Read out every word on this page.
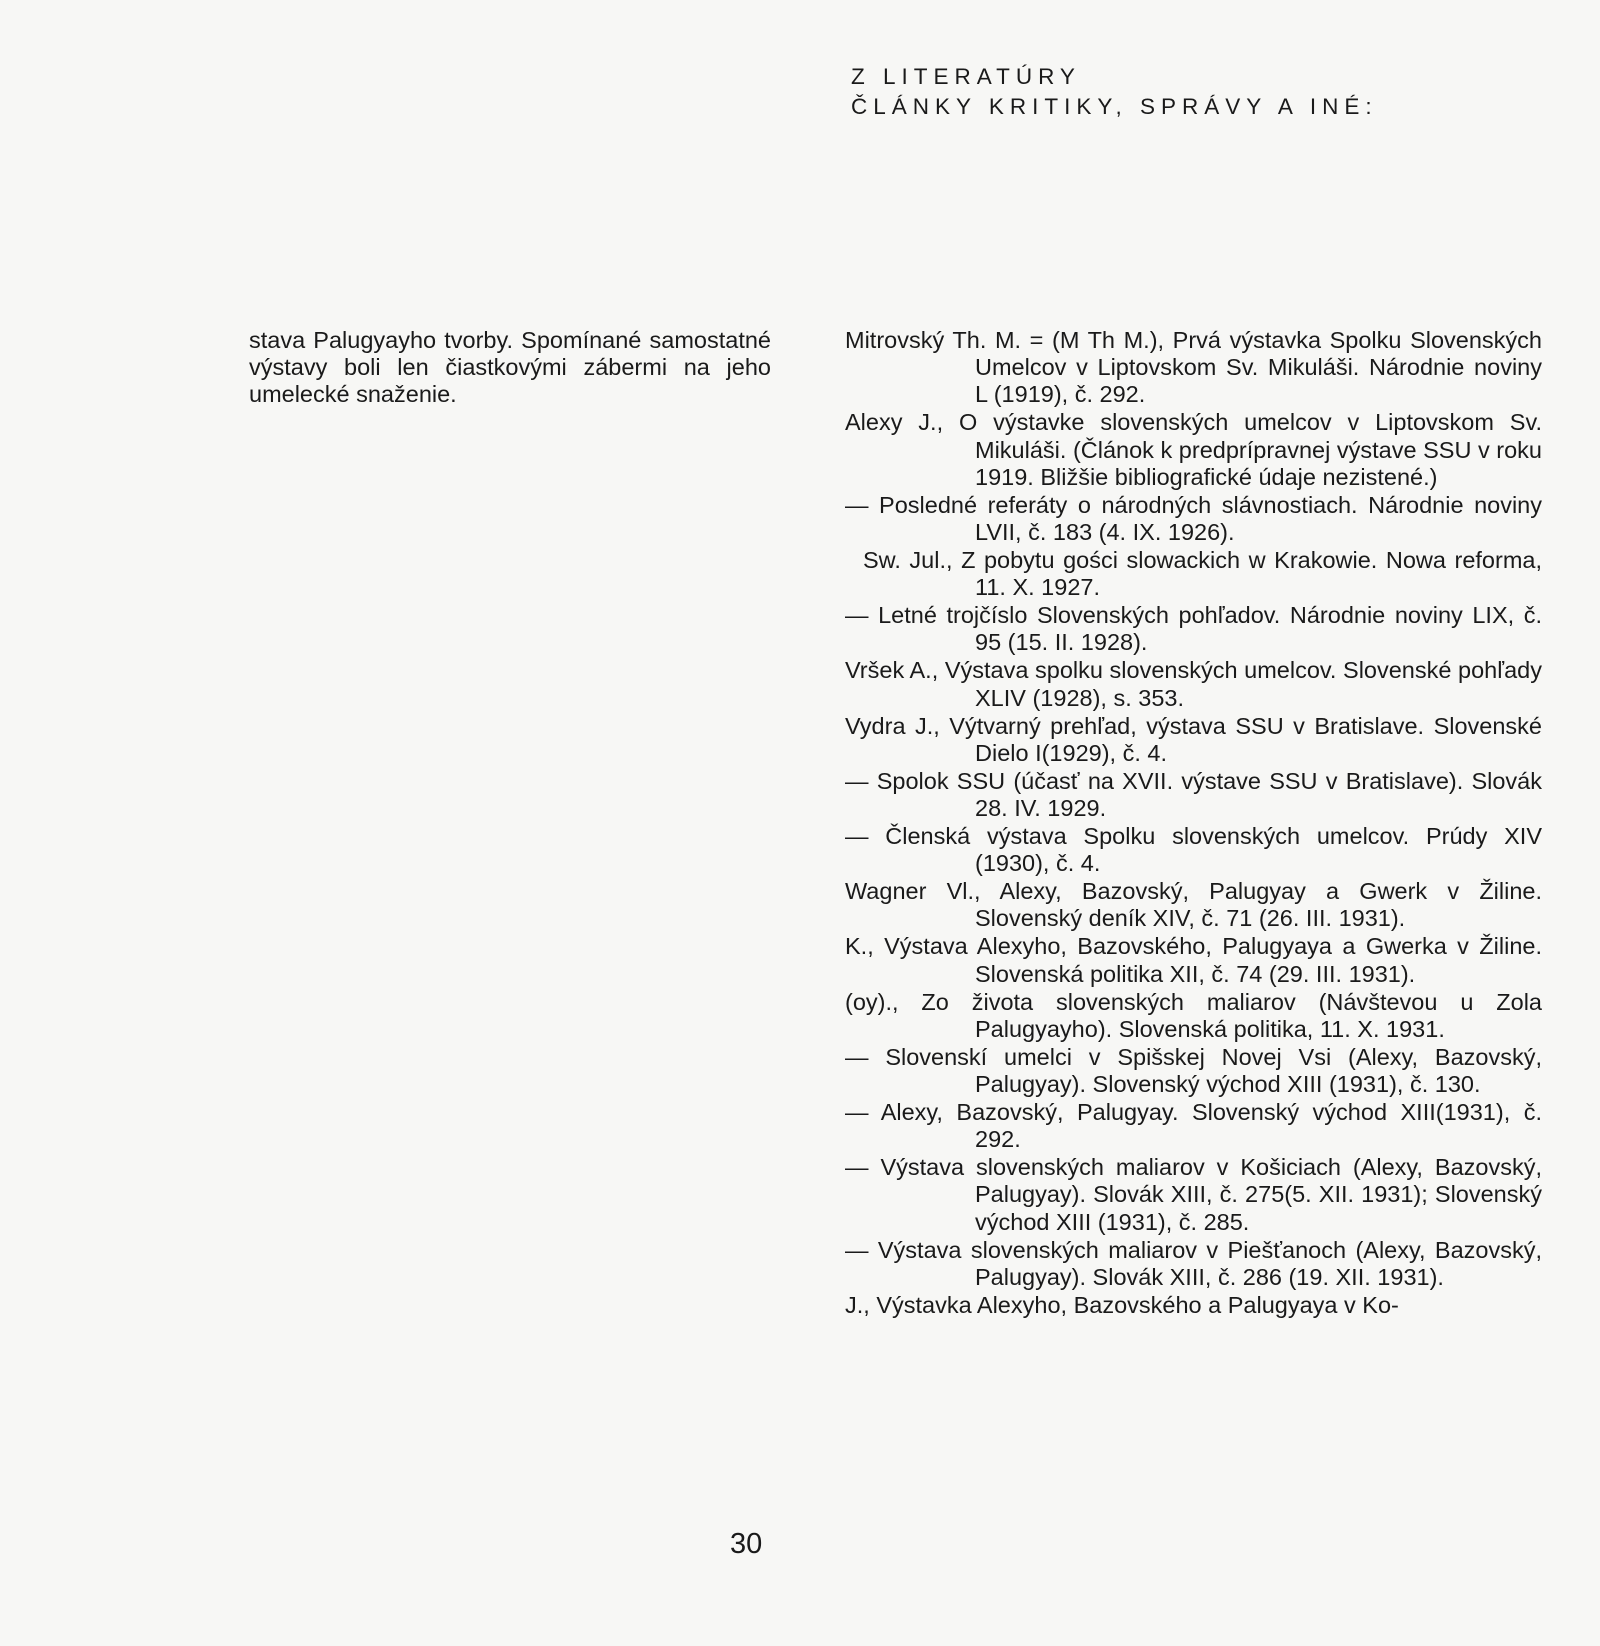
Z LITERATÚRY
ČLÁNKY KRITIKY, SPRÁVY A INÉ:

stava Palugyayho tvorby. Spomínané samostatné výstavy boli len čiastkovými zábermi na jeho umelecké snaženie.

Mitrovský Th. M. = (M Th M.), Prvá výstavka Spolku Slovenských Umelcov v Liptovskom Sv. Mikuláši. Národnie noviny L (1919), č. 292.

Alexy J., O výstavke slovenských umelcov v Liptovskom Sv. Mikuláši. (Článok k predprípravnej výstave SSU v roku 1919. Bližšie bibliografické údaje nezistené.)

— Posledné referáty o národných slávnostiach. Národnie noviny LVII, č. 183 (4. IX. 1926).

Sw. Jul., Z pobytu gości slowackich w Krakowie. Nowa reforma, 11. X. 1927.

— Letné trojčíslo Slovenských pohľadov. Národnie noviny LIX, č. 95 (15. II. 1928).

Vršek A., Výstava spolku slovenských umelcov. Slovenské pohľady XLIV (1928), s. 353.

Vydra J., Výtvarný prehľad, výstava SSU v Bratislave. Slovenské Dielo I(1929), č. 4.

— Spolok SSU (účasť na XVII. výstave SSU v Bratislave). Slovák 28. IV. 1929.

— Členská výstava Spolku slovenských umelcov. Prúdy XIV (1930), č. 4.

Wagner Vl., Alexy, Bazovský, Palugyay a Gwerk v Žiline. Slovenský deník XIV, č. 71 (26. III. 1931).

K., Výstava Alexyho, Bazovského, Palugyaya a Gwerka v Žiline. Slovenská politika XII, č. 74 (29. III. 1931).

(oy)., Zo života slovenských maliarov (Návštevou u Zola Palugyayho). Slovenská politika, 11. X. 1931.

— Slovenskí umelci v Spišskej Novej Vsi (Alexy, Bazovský, Palugyay). Slovenský východ XIII (1931), č. 130.

— Alexy, Bazovský, Palugyay. Slovenský východ XIII(1931), č. 292.

— Výstava slovenských maliarov v Košiciach (Alexy, Bazovský, Palugyay). Slovák XIII, č. 275(5. XII. 1931); Slovenský východ XIII (1931), č. 285.

— Výstava slovenských maliarov v Piešťanoch (Alexy, Bazovský, Palugyay). Slovák XIII, č. 286 (19. XII. 1931).

J., Výstavka Alexyho, Bazovského a Palugyaya v Ko-

30
